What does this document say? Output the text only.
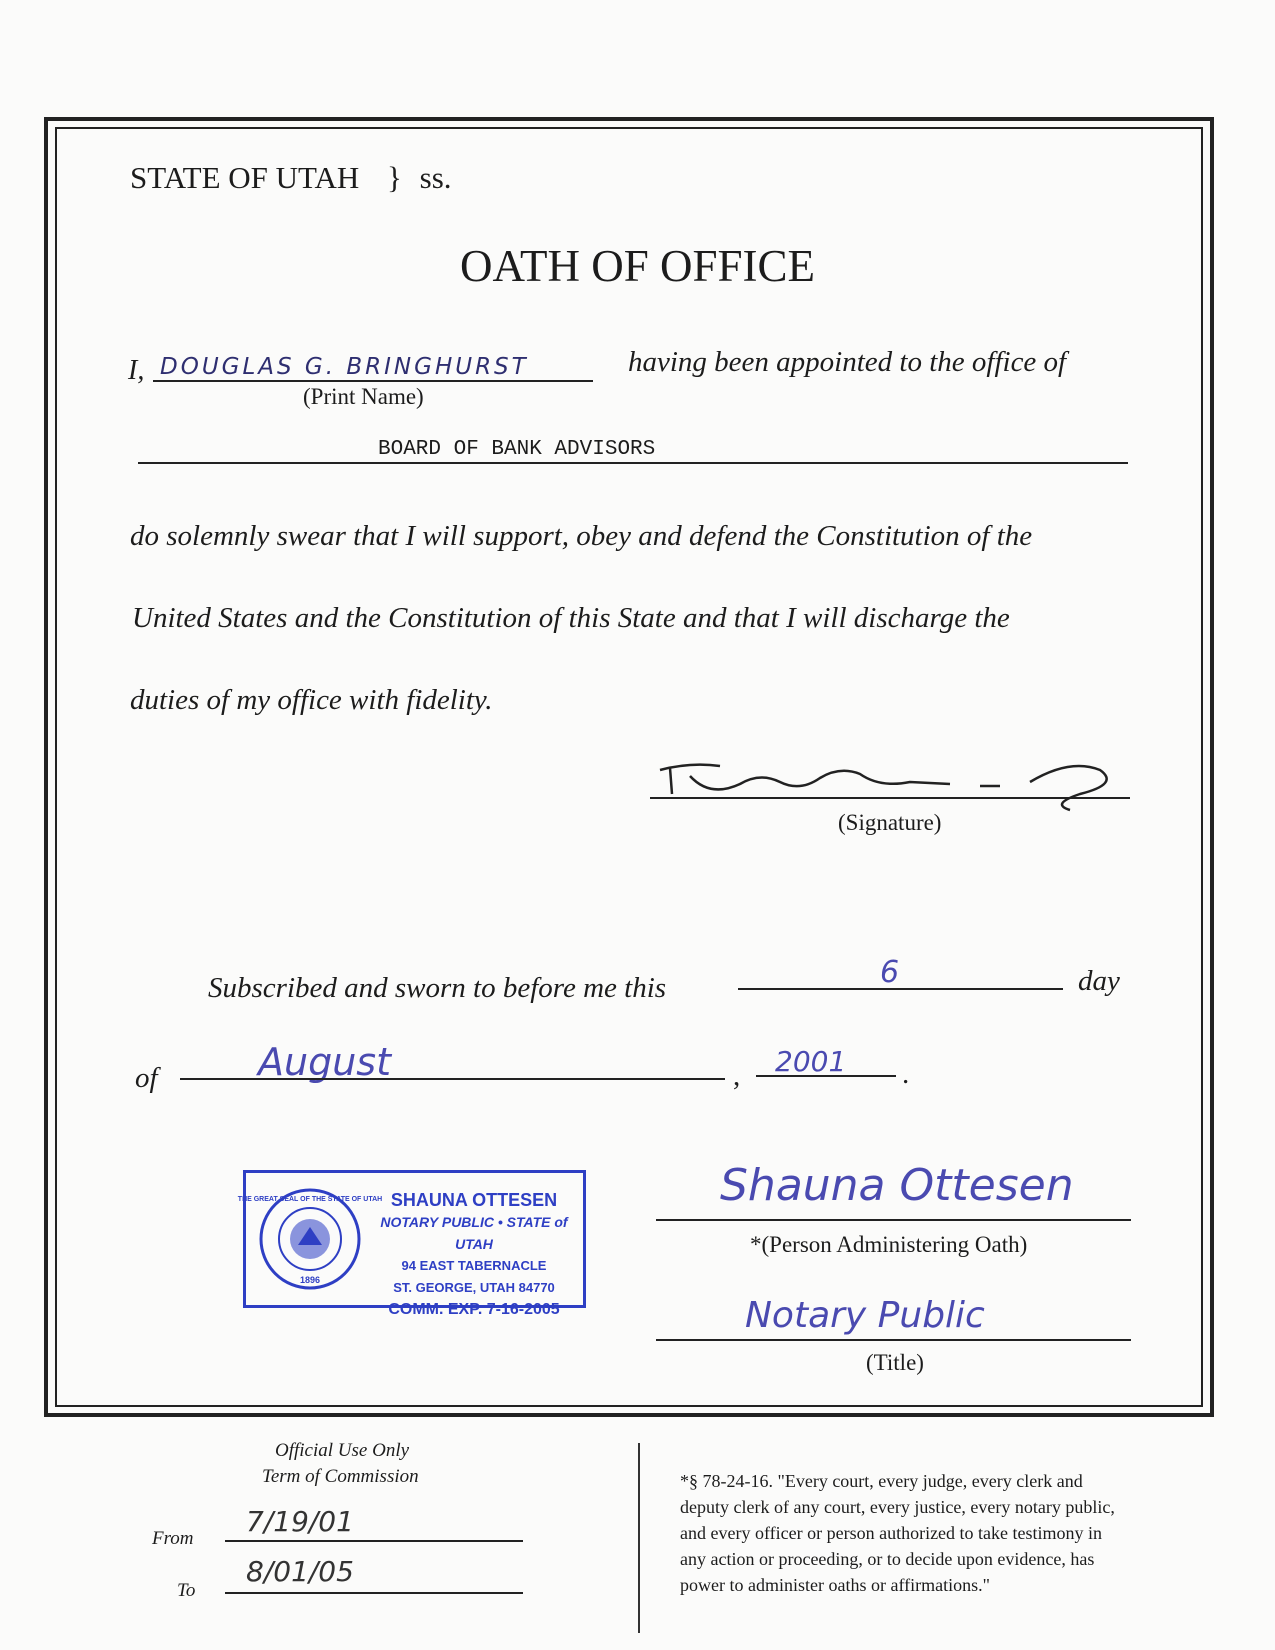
STATE OF UTAH } ss.
OATH OF OFFICE
I, DOUGLAS G. BRINGHURST
(Print Name)
having been appointed to the office of
BOARD OF BANK ADVISORS
do solemnly swear that I will support, obey and defend the Constitution of the
United States and the Constitution of this State and that I will discharge the
duties of my office with fidelity.
(Signature)
Subscribed and sworn to before me this	6	day
of	August	, 2001 .
THE GREAT SEAL OF THE STATE OF UTAH
1896
SHAUNA OTTESEN
NOTARY PUBLIC • STATE of UTAH
94 EAST TABERNACLE
ST. GEORGE, UTAH 84770
COMM. EXP. 7-16-2005
Shauna Ottesen
*(Person Administering Oath)
Notary Public
(Title)
Official Use Only
Term of Commission
From
7/19/01
To
8/01/05
*§ 78-24-16. "Every court, every judge, every clerk and
deputy clerk of any court, every justice, every notary public,
and every officer or person authorized to take testimony in
any action or proceeding, or to decide upon evidence, has
power to administer oaths or affirmations."
